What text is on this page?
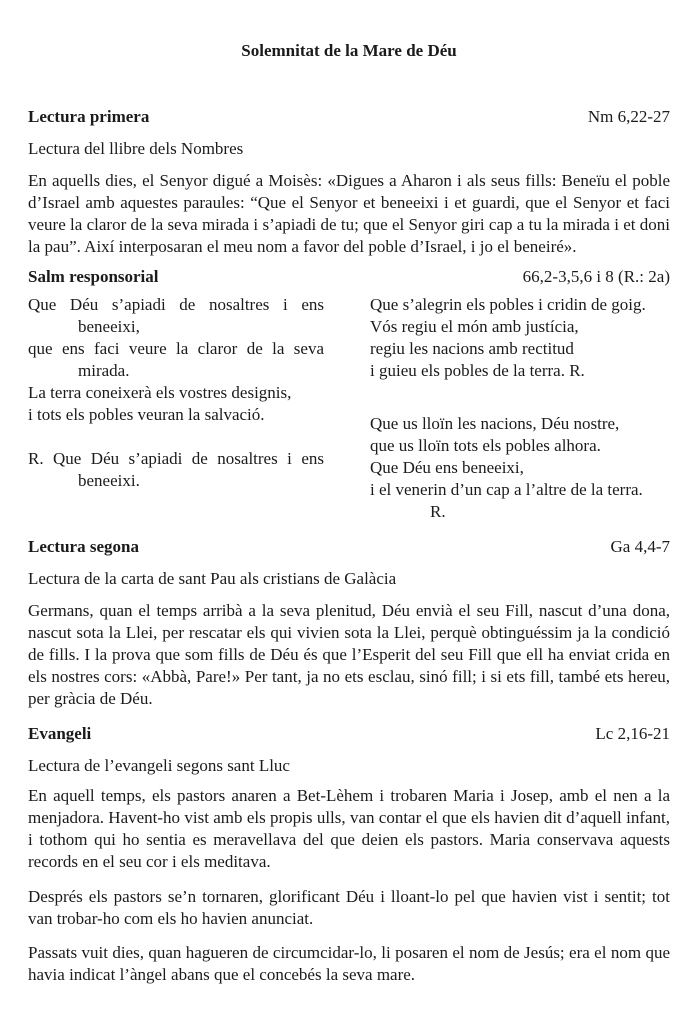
Solemnitat de la Mare de Déu
Lectura primera	Nm 6,22-27
Lectura del llibre dels Nombres
En aquells dies, el Senyor digué a Moisès: «Digues a Aharon i als seus fills: Beneïu el poble d’Israel amb aquestes paraules: “Que el Senyor et beneeixi i et guardi, que el Senyor et faci veure la claror de la seva mirada i s’apiadi de tu; que el Senyor giri cap a tu la mirada i et doni la pau”. Així interposaran el meu nom a favor del poble d’Israel, i jo el beneiré».
Salm responsorial	66,2-3,5,6 i 8 (R.: 2a)
Que Déu s’apiadi de nosaltres i ens
beneeixi,
que ens faci veure la claror de la seva
mirada.
La terra coneixerà els vostres designis,
i tots els pobles veuran la salvació.
R. Que Déu s’apiadi de nosaltres i ens
beneeixi.
Que s’alegrin els pobles i cridin de goig.
Vós regiu el món amb justícia,
regiu les nacions amb rectitud
i guieu els pobles de la terra. R.
Que us lloïn les nacions, Déu nostre,
que us lloïn tots els pobles alhora.
Que Déu ens beneeixi,
i el venerin d’un cap a l’altre de la terra.
R.
Lectura segona	Ga 4,4-7
Lectura de la carta de sant Pau als cristians de Galàcia
Germans, quan el temps arribà a la seva plenitud, Déu envià el seu Fill, nascut d’una dona, nascut sota la Llei, per rescatar els qui vivien sota la Llei, perquè obtinguéssim ja la condició de fills. I la prova que som fills de Déu és que l’Esperit del seu Fill que ell ha enviat crida en els nostres cors: «Abbà, Pare!» Per tant, ja no ets esclau, sinó fill; i si ets fill, també ets hereu, per gràcia de Déu.
Evangeli	Lc 2,16-21
Lectura de l’evangeli segons sant Lluc
En aquell temps, els pastors anaren a Bet-Lèhem i trobaren Maria i Josep, amb el nen a la menjadora. Havent-ho vist amb els propis ulls, van contar el que els havien dit d’aquell infant, i tothom qui ho sentia es meravellava del que deien els pastors. Maria conservava aquests records en el seu cor i els meditava.
Després els pastors se’n tornaren, glorificant Déu i lloant-lo pel que havien vist i sentit; tot van trobar-ho com els ho havien anunciat.
Passats vuit dies, quan hagueren de circumcidar-lo, li posaren el nom de Jesús; era el nom que havia indicat l’àngel abans que el concebés la seva mare.
